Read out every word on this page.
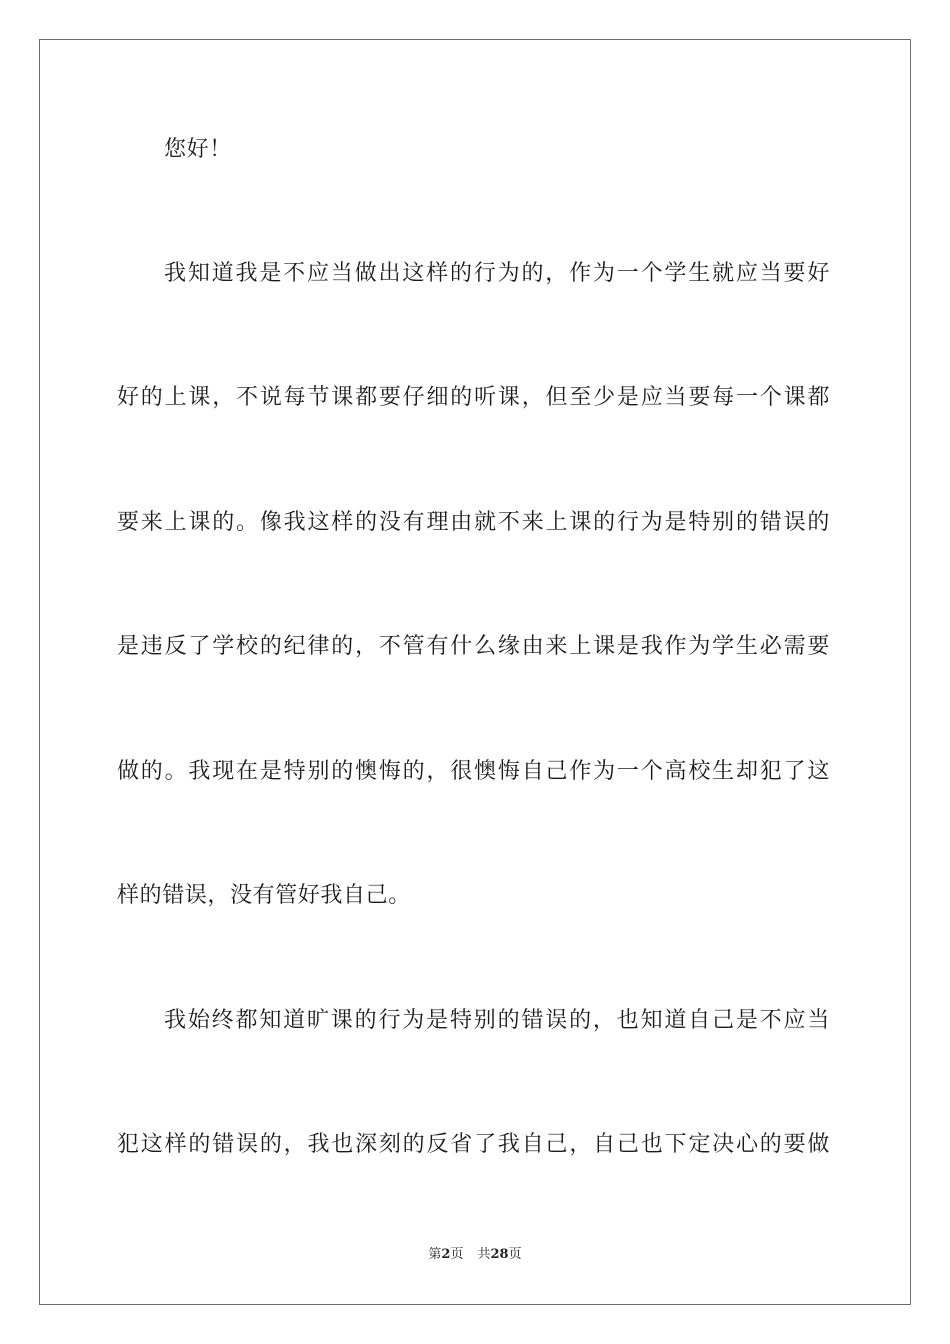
您好！
我知道我是不应当做出这样的行为的，作为一个学生就应当要好
好的上课，不说每节课都要仔细的听课，但至少是应当要每一个课都
要来上课的。像我这样的没有理由就不来上课的行为是特别的错误的
是违反了学校的纪律的，不管有什么缘由来上课是我作为学生必需要
做的。我现在是特别的懊悔的，很懊悔自己作为一个高校生却犯了这
样的错误，没有管好我自己。
我始终都知道旷课的行为是特别的错误的，也知道自己是不应当
犯这样的错误的，我也深刻的反省了我自己，自己也下定决心的要做
第2页 共28页
